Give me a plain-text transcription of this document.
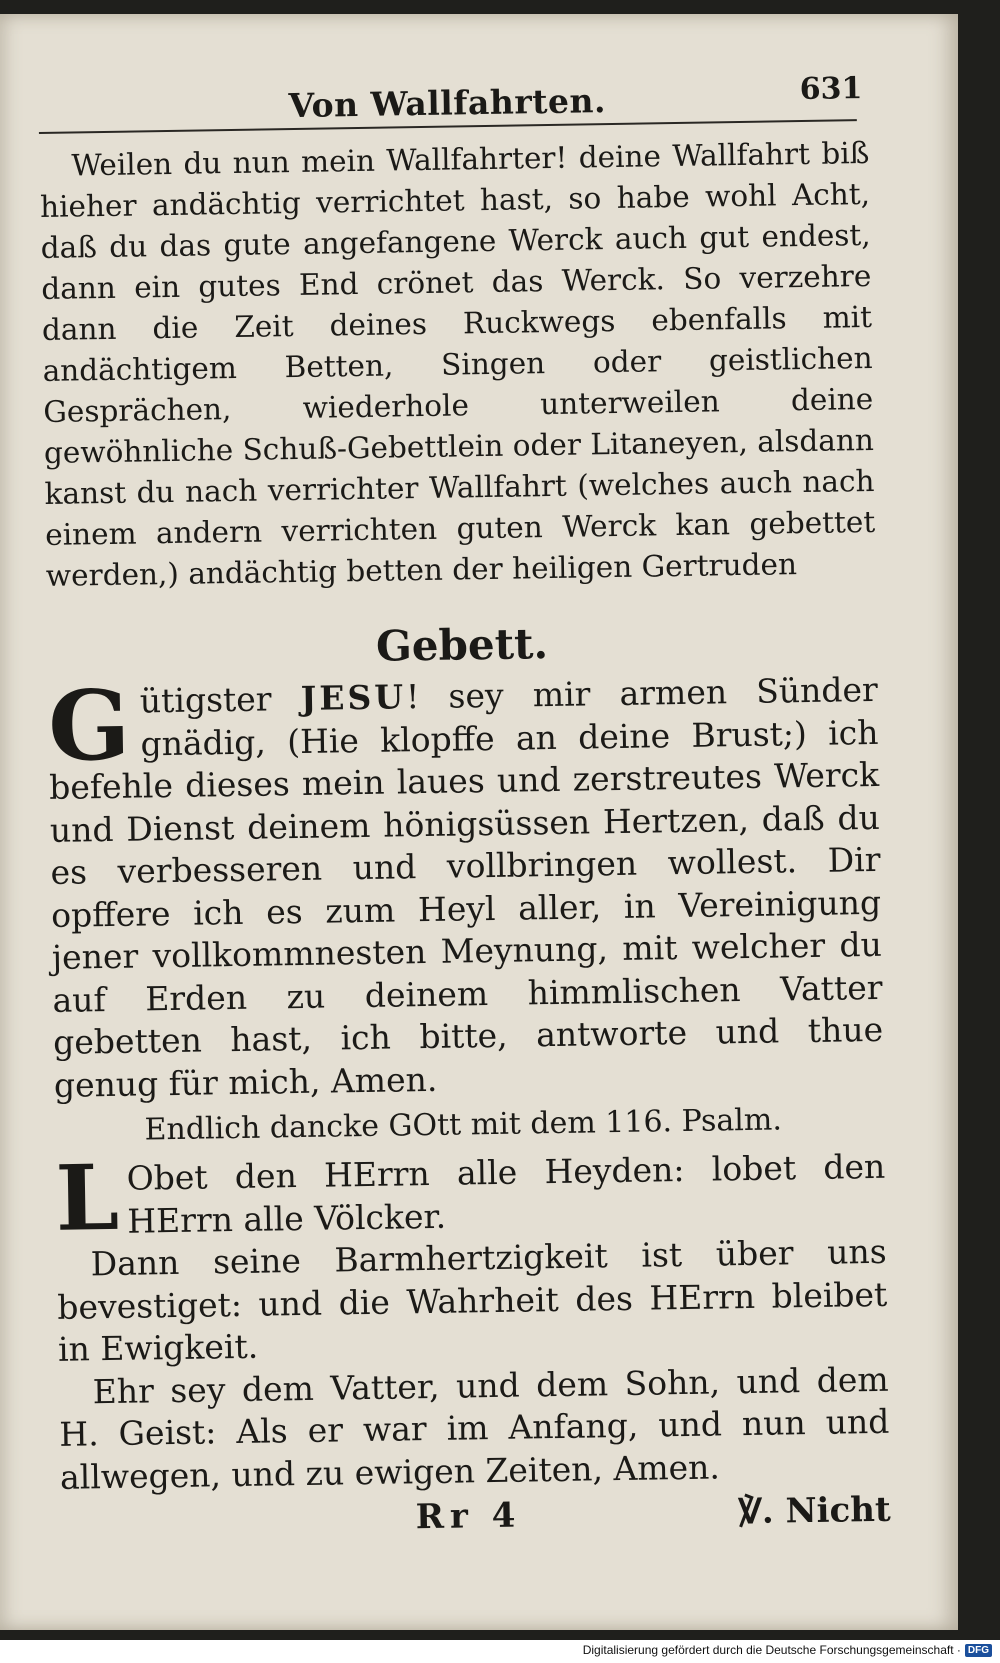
Von Wallfahrten.	631

Weilen du nun mein Wallfahrter! deine Wallfahrt biß hieher andächtig verrichtet hast, so habe wohl Acht, daß du das gute angefangene Werck auch gut endest, dann ein gutes End crönet das Werck. So verzehre dann die Zeit deines Ruckwegs ebenfalls mit andächtigem Betten, Singen oder geistlichen Gesprächen, wiederhole unterweilen deine gewöhnliche Schuß-Gebettlein oder Litaneyen, alsdann kanst du nach verrichter Wallfahrt (welches auch nach einem andern verrichten guten Werck kan gebettet werden,) andächtig betten der heiligen Gertruden

Gebett.

Gütigster JESU! sey mir armen Sünder gnädig, (Hie klopffe an deine Brust;) ich befehle dieses mein laues und zerstreutes Werck und Dienst deinem hönigsüssen Hertzen, daß du es verbesseren und vollbringen wollest. Dir opffere ich es zum Heyl aller, in Vereinigung jener vollkommnesten Meynung, mit welcher du auf Erden zu deinem himmlischen Vatter gebetten hast, ich bitte, antworte und thue genug für mich, Amen.

Endlich dancke GOtt mit dem 116. Psalm.

L Obet den HErrn alle Heyden: lobet den HErrn alle Völcker.
Dann seine Barmhertzigkeit ist über uns bevestiget: und die Wahrheit des HErrn bleibet in Ewigkeit.
Ehr sey dem Vatter, und dem Sohn, und dem H. Geist: Als er war im Anfang, und nun und allwegen, und zu ewigen Zeiten, Amen.

Rr 4	℣. Nicht
Digitalisierung gefördert durch die Deutsche Forschungsgemeinschaft · DFG
